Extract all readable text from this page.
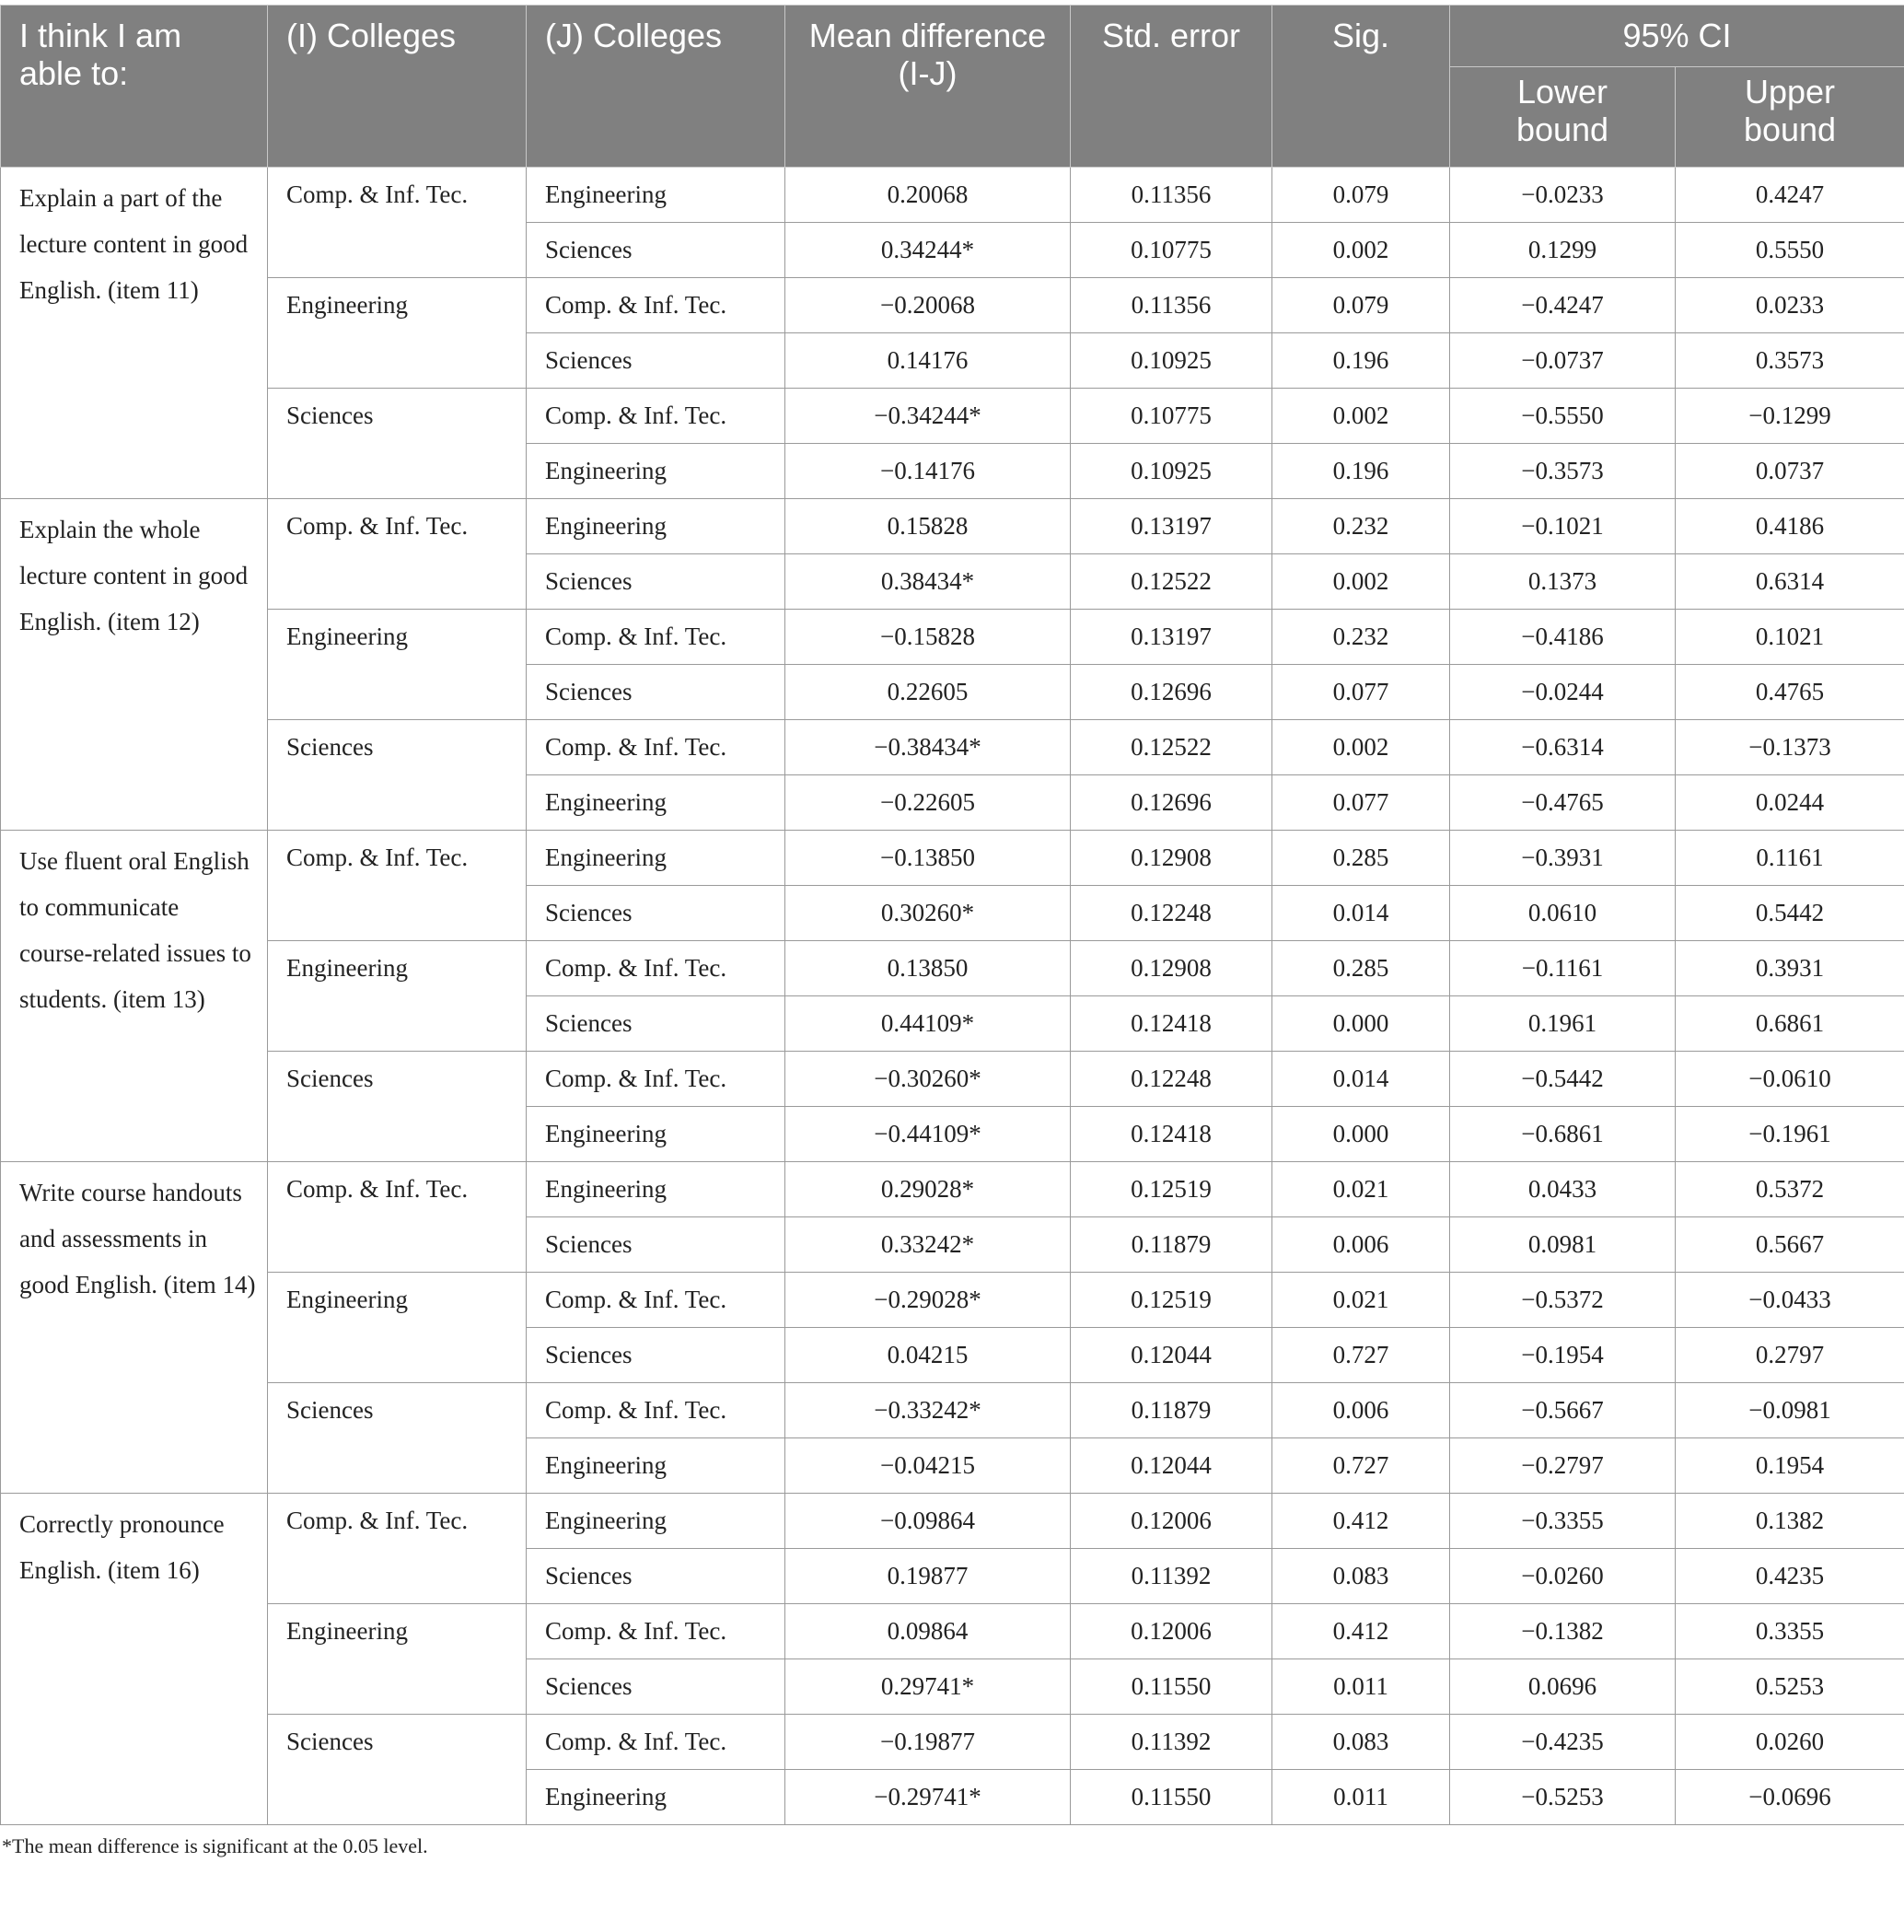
I think I am able to:	(I) Colleges	(J) Colleges	Mean difference (I-J)	Std. error	Sig.	95% CI	
						Lower bound	Upper bound
Explain a part of the lecture content in good English. (item 11)	Comp. & Inf. Tec.	Engineering	0.20068	0.11356	0.079	−0.0233	0.4247
		Sciences	0.34244*	0.10775	0.002	0.1299	0.5550
	Engineering	Comp. & Inf. Tec.	−0.20068	0.11356	0.079	−0.4247	0.0233
		Sciences	0.14176	0.10925	0.196	−0.0737	0.3573
	Sciences	Comp. & Inf. Tec.	−0.34244*	0.10775	0.002	−0.5550	−0.1299
		Engineering	−0.14176	0.10925	0.196	−0.3573	0.0737
Explain the whole lecture content in good English. (item 12)	Comp. & Inf. Tec.	Engineering	0.15828	0.13197	0.232	−0.1021	0.4186
		Sciences	0.38434*	0.12522	0.002	0.1373	0.6314
	Engineering	Comp. & Inf. Tec.	−0.15828	0.13197	0.232	−0.4186	0.1021
		Sciences	0.22605	0.12696	0.077	−0.0244	0.4765
	Sciences	Comp. & Inf. Tec.	−0.38434*	0.12522	0.002	−0.6314	−0.1373
		Engineering	−0.22605	0.12696	0.077	−0.4765	0.0244
Use fluent oral English to communicate course-related issues to students. (item 13)	Comp. & Inf. Tec.	Engineering	−0.13850	0.12908	0.285	−0.3931	0.1161
		Sciences	0.30260*	0.12248	0.014	0.0610	0.5442
	Engineering	Comp. & Inf. Tec.	0.13850	0.12908	0.285	−0.1161	0.3931
		Sciences	0.44109*	0.12418	0.000	0.1961	0.6861
	Sciences	Comp. & Inf. Tec.	−0.30260*	0.12248	0.014	−0.5442	−0.0610
		Engineering	−0.44109*	0.12418	0.000	−0.6861	−0.1961
Write course handouts and assessments in good English. (item 14)	Comp. & Inf. Tec.	Engineering	0.29028*	0.12519	0.021	0.0433	0.5372
		Sciences	0.33242*	0.11879	0.006	0.0981	0.5667
	Engineering	Comp. & Inf. Tec.	−0.29028*	0.12519	0.021	−0.5372	−0.0433
		Sciences	0.04215	0.12044	0.727	−0.1954	0.2797
	Sciences	Comp. & Inf. Tec.	−0.33242*	0.11879	0.006	−0.5667	−0.0981
		Engineering	−0.04215	0.12044	0.727	−0.2797	0.1954
Correctly pronounce English. (item 16)	Comp. & Inf. Tec.	Engineering	−0.09864	0.12006	0.412	−0.3355	0.1382
		Sciences	0.19877	0.11392	0.083	−0.0260	0.4235
	Engineering	Comp. & Inf. Tec.	0.09864	0.12006	0.412	−0.1382	0.3355
		Sciences	0.29741*	0.11550	0.011	0.0696	0.5253
	Sciences	Comp. & Inf. Tec.	−0.19877	0.11392	0.083	−0.4235	0.0260
		Engineering	−0.29741*	0.11550	0.011	−0.5253	−0.0696
*The mean difference is significant at the 0.05 level.
